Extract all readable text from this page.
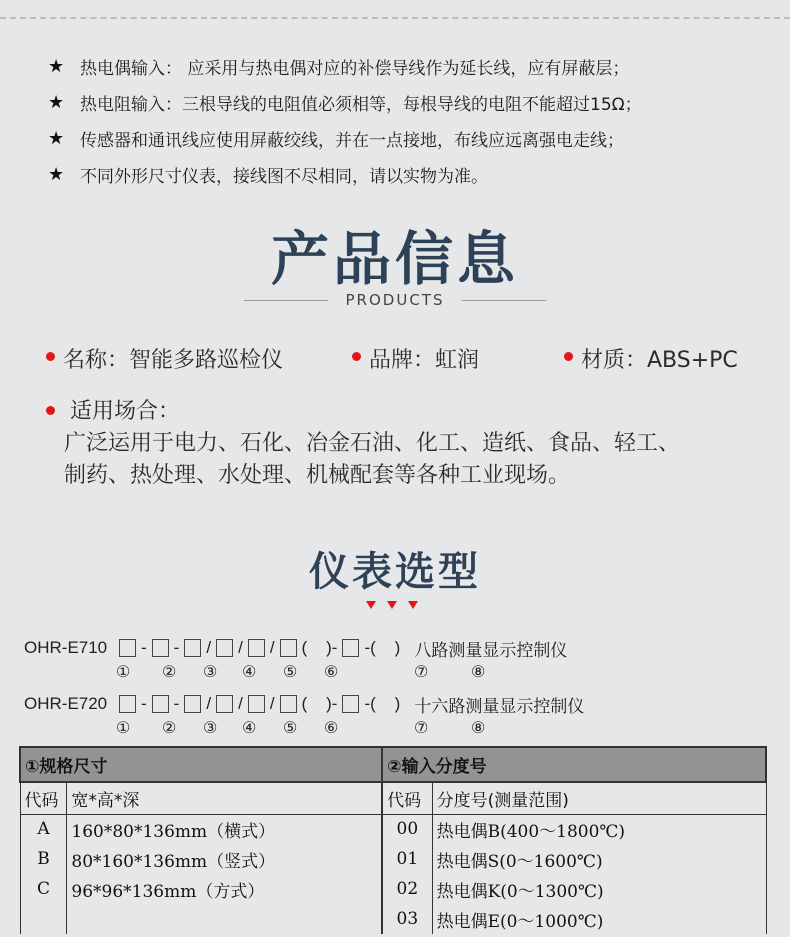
★ 热电偶输入： 应采用与热电偶对应的补偿导线作为延长线，应有屏蔽层；
★ 热电阻输入：三根导线的电阻值必须相等，每根导线的电阻不能超过15Ω；
★ 传感器和通讯线应使用屏蔽绞线，并在一点接地，布线应远离强电走线；
★ 不同外形尺寸仪表，接线图不尽相同，请以实物为准。
产品信息
PRODUCTS
名称：智能多路巡检仪	品牌：虹润	材质：ABS+PC
适用场合：
广泛运用于电力、石化、冶金石油、化工、造纸、食品、轻工、
制药、热处理、水处理、机械配套等各种工业现场。
仪表选型
OHR-E710	- - / / / (    )- -(    ) 八路测量显示控制仪
① ② ③ ④ ⑤ ⑥	⑦	⑧
OHR-E720	- - / / / (    )- -(    ) 十六路测量显示控制仪
① ② ③ ④ ⑤ ⑥	⑦	⑧
①规格尺寸		②输入分度号	
代码	宽*高*深	代码	分度号(测量范围)
A	160*80*136mm（横式）	00	热电偶B(400～1800℃)
B	80*160*136mm（竖式）	01	热电偶S(0～1600℃)
C	96*96*136mm（方式）	02	热电偶K(0～1300℃)
		03	热电偶E(0～1000℃)
